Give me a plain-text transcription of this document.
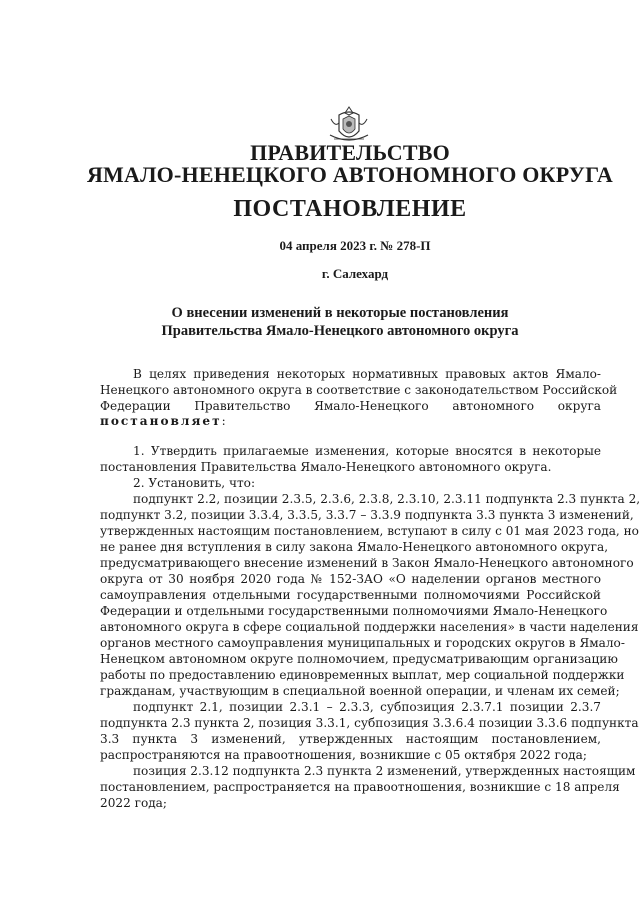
ПРАВИТЕЛЬСТВО
ЯМАЛО-НЕНЕЦКОГО АВТОНОМНОГО ОКРУГА
ПОСТАНОВЛЕНИЕ
04 апреля 2023 г. № 278-П
г. Салехард
О внесении изменений в некоторые постановления
Правительства Ямало-Ненецкого автономного округа
В целях приведения некоторых нормативных правовых актов Ямало-
Ненецкого автономного округа в соответствие с законодательством Российской
Федерации Правительство Ямало-Ненецкого автономного округа
постановляет:
1. Утвердить прилагаемые изменения, которые вносятся в некоторые
постановления Правительства Ямало-Ненецкого автономного округа.
2. Установить, что:
подпункт 2.2, позиции 2.3.5, 2.3.6, 2.3.8, 2.3.10, 2.3.11 подпункта 2.3 пункта 2,
подпункт 3.2, позиции 3.3.4, 3.3.5, 3.3.7 – 3.3.9 подпункта 3.3 пункта 3 изменений,
утвержденных настоящим постановлением, вступают в силу с 01 мая 2023 года, но
не ранее дня вступления в силу закона Ямало-Ненецкого автономного округа,
предусматривающего внесение изменений в Закон Ямало-Ненецкого автономного
округа от 30 ноября 2020 года № 152-ЗАО «О наделении органов местного
самоуправления отдельными государственными полномочиями Российской
Федерации и отдельными государственными полномочиями Ямало-Ненецкого
автономного округа в сфере социальной поддержки населения» в части наделения
органов местного самоуправления муниципальных и городских округов в Ямало-
Ненецком автономном округе полномочием, предусматривающим организацию
работы по предоставлению единовременных выплат, мер социальной поддержки
гражданам, участвующим в специальной военной операции, и членам их семей;
подпункт 2.1, позиции 2.3.1 – 2.3.3, субпозиция 2.3.7.1 позиции 2.3.7
подпункта 2.3 пункта 2, позиция 3.3.1, субпозиция 3.3.6.4 позиции 3.3.6 подпункта
3.3 пункта 3 изменений, утвержденных настоящим постановлением,
распространяются на правоотношения, возникшие с 05 октября 2022 года;
позиция 2.3.12 подпункта 2.3 пункта 2 изменений, утвержденных настоящим
постановлением, распространяется на правоотношения, возникшие с 18 апреля
2022 года;
